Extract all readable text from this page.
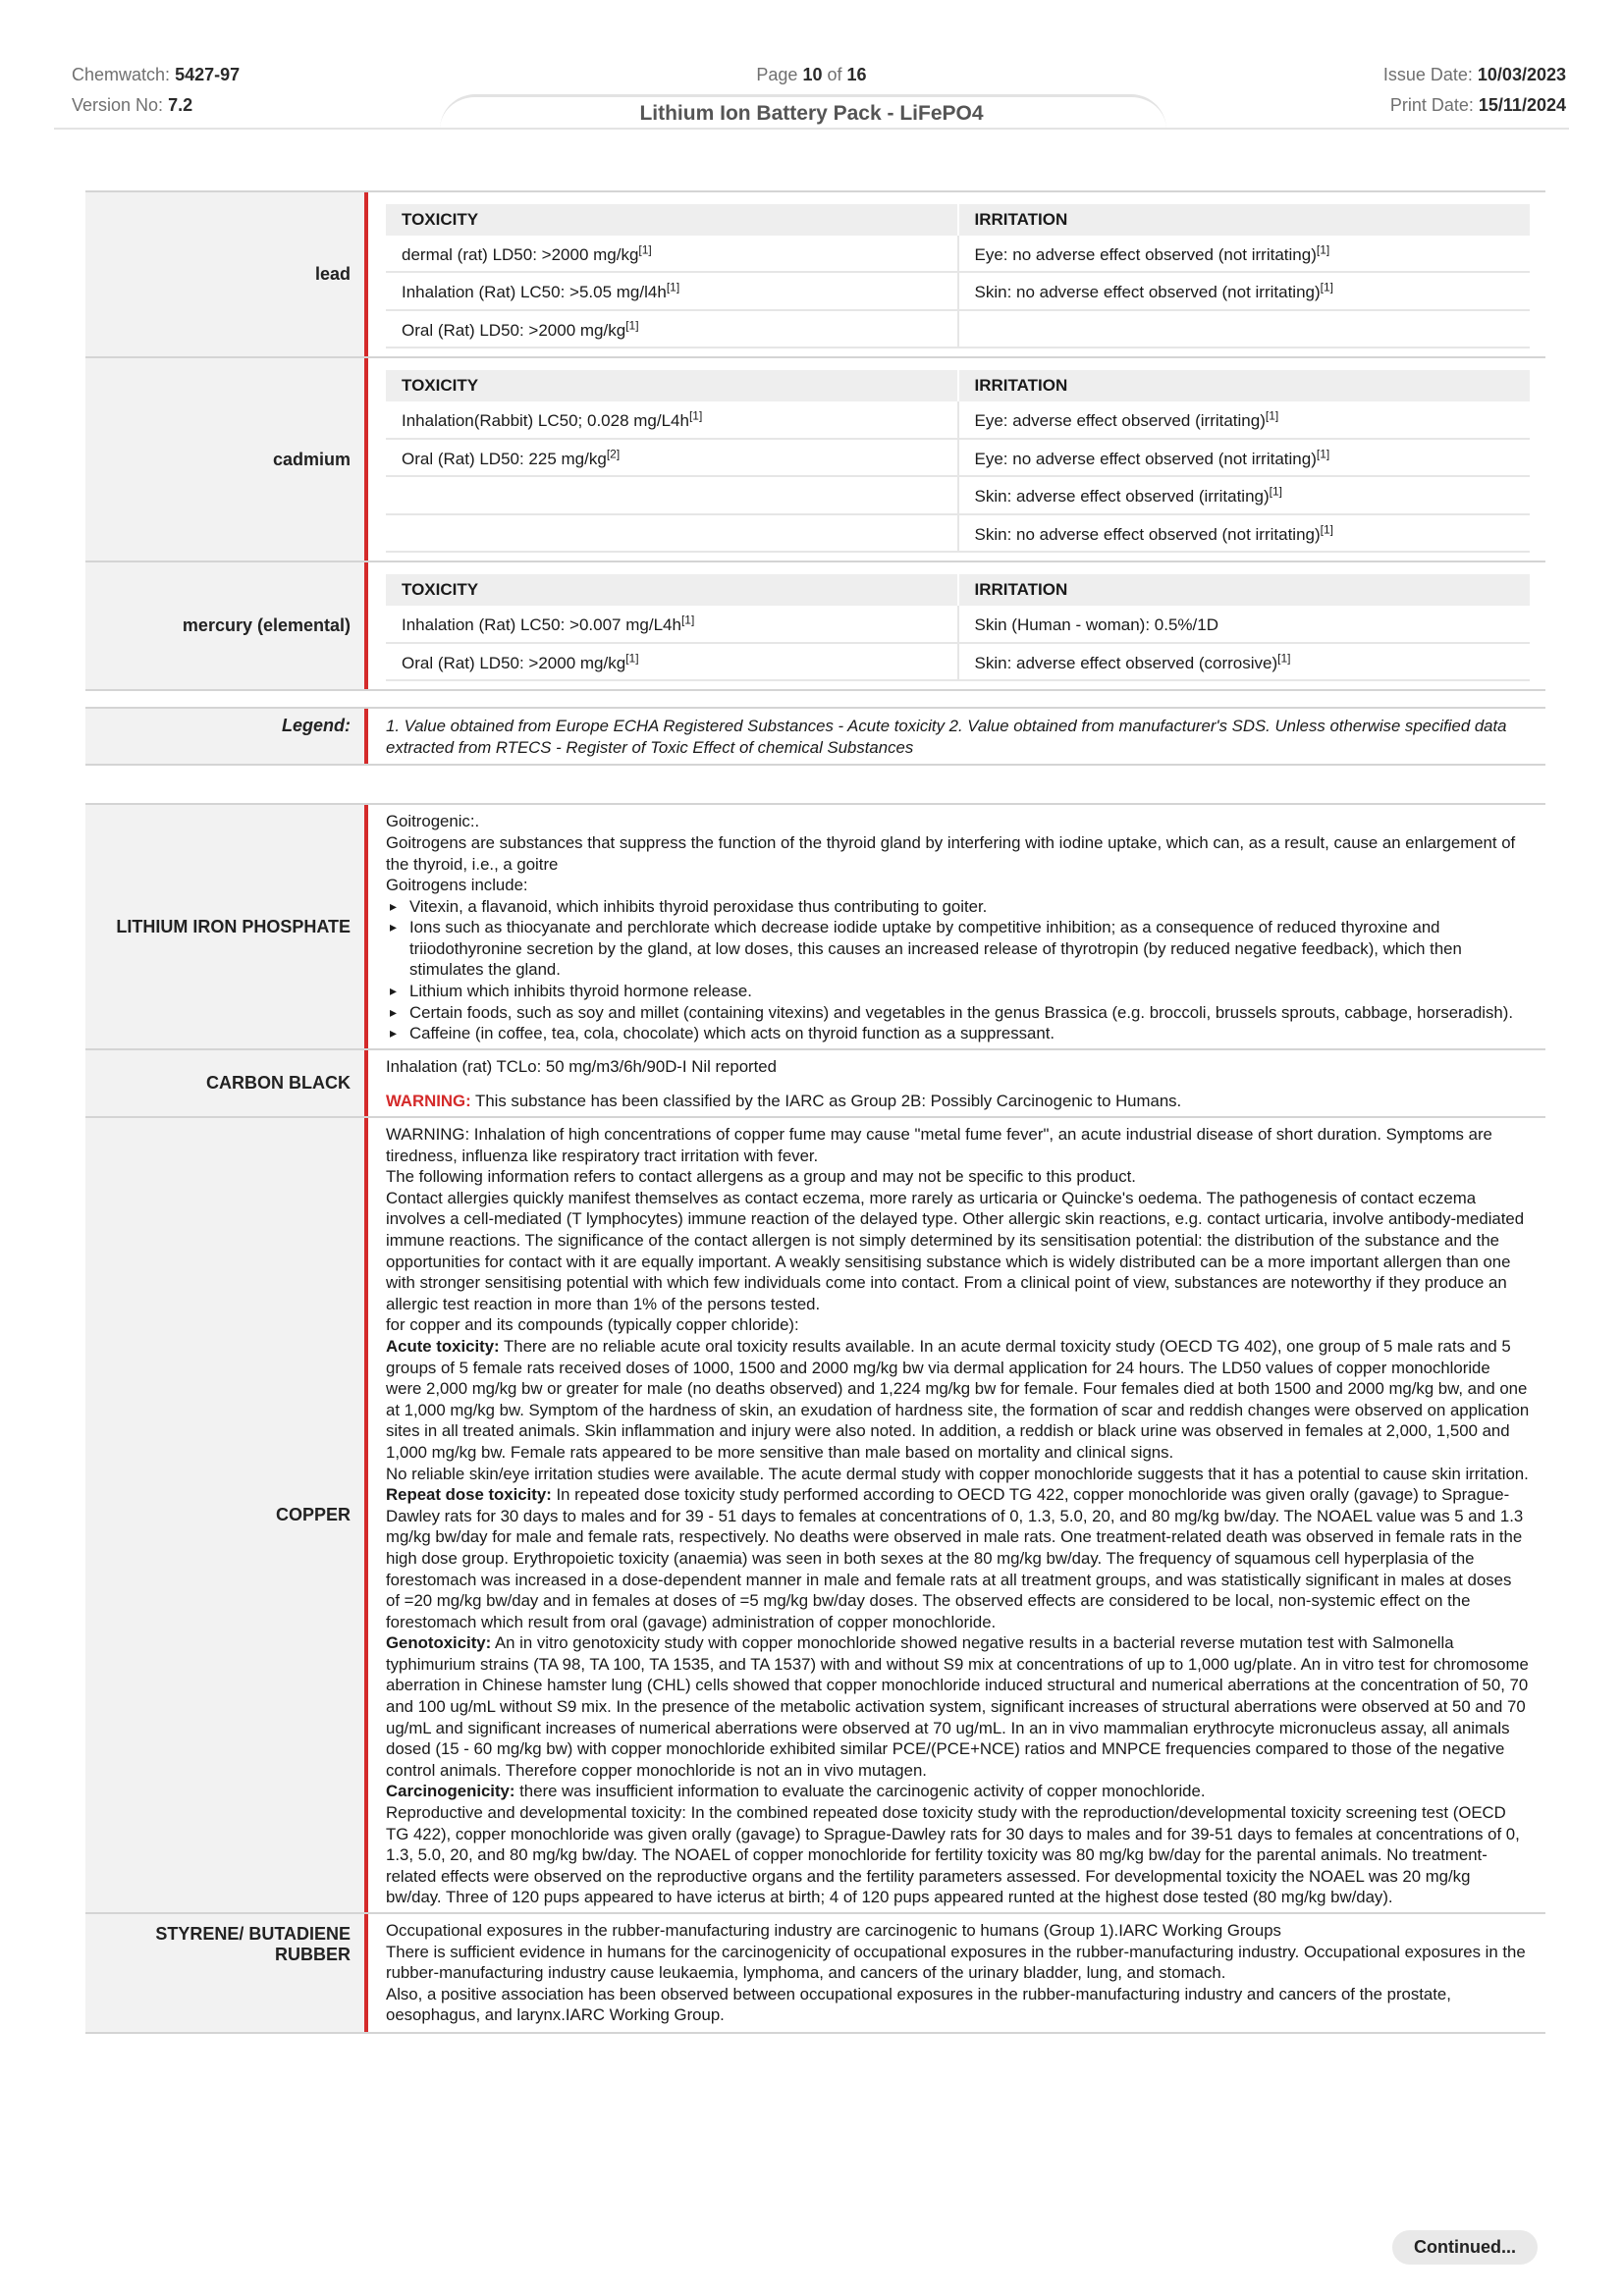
Chemwatch: 5427-97
Version No: 7.2
Page 10 of 16	Issue Date: 10/03/2023
Print Date: 15/11/2024
Lithium Ion Battery Pack - LiFePO4
lead
TOXICITY	IRRITATION
dermal (rat) LD50: >2000 mg/kg[1]	Eye: no adverse effect observed (not irritating)[1]
Inhalation (Rat) LC50: >5.05 mg/l4h[1]	Skin: no adverse effect observed (not irritating)[1]
Oral (Rat) LD50: >2000 mg/kg[1]	
cadmium
TOXICITY	IRRITATION
Inhalation(Rabbit) LC50; 0.028 mg/L4h[1]	Eye: adverse effect observed (irritating)[1]
Oral (Rat) LD50: 225 mg/kg[2]	Eye: no adverse effect observed (not irritating)[1]
	Skin: adverse effect observed (irritating)[1]
	Skin: no adverse effect observed (not irritating)[1]
mercury (elemental)
TOXICITY	IRRITATION
Inhalation (Rat) LC50: >0.007 mg/L4h[1]	Skin (Human - woman): 0.5%/1D
Oral (Rat) LD50: >2000 mg/kg[1]	Skin: adverse effect observed (corrosive)[1]
Legend:	1. Value obtained from Europe ECHA Registered Substances - Acute toxicity 2. Value obtained from manufacturer's SDS. Unless otherwise specified data extracted from RTECS - Register of Toxic Effect of chemical Substances
LITHIUM IRON PHOSPHATE

Goitrogenic:.

Goitrogens are substances that suppress the function of the thyroid gland by interfering with iodine uptake, which can, as a result, cause an enlargement of the thyroid, i.e., a goitre

Goitrogens include:

▸ Vitexin, a flavanoid, which inhibits thyroid peroxidase thus contributing to goiter.
▸ Ions such as thiocyanate and perchlorate which decrease iodide uptake by competitive inhibition; as a consequence of reduced thyroxine and triiodothyronine secretion by the gland, at low doses, this causes an increased release of thyrotropin (by reduced negative feedback), which then stimulates the gland.
▸ Lithium which inhibits thyroid hormone release.
▸ Certain foods, such as soy and millet (containing vitexins) and vegetables in the genus Brassica (e.g. broccoli, brussels sprouts, cabbage, horseradish).
▸ Caffeine (in coffee, tea, cola, chocolate) which acts on thyroid function as a suppressant.
CARBON BLACK

Inhalation (rat) TCLo: 50 mg/m3/6h/90D-I Nil reported

WARNING: This substance has been classified by the IARC as Group 2B: Possibly Carcinogenic to Humans.

COPPER

WARNING: Inhalation of high concentrations of copper fume may cause "metal fume fever", an acute industrial disease of short duration. Symptoms are tiredness, influenza like respiratory tract irritation with fever.

The following information refers to contact allergens as a group and may not be specific to this product.

Contact allergies quickly manifest themselves as contact eczema, more rarely as urticaria or Quincke's oedema. The pathogenesis of contact eczema involves a cell-mediated (T lymphocytes) immune reaction of the delayed type. Other allergic skin reactions, e.g. contact urticaria, involve antibody-mediated immune reactions. The significance of the contact allergen is not simply determined by its sensitisation potential: the distribution of the substance and the opportunities for contact with it are equally important. A weakly sensitising substance which is widely distributed can be a more important allergen than one with stronger sensitising potential with which few individuals come into contact. From a clinical point of view, substances are noteworthy if they produce an allergic test reaction in more than 1% of the persons tested.

for copper and its compounds (typically copper chloride):

Acute toxicity: There are no reliable acute oral toxicity results available. In an acute dermal toxicity study (OECD TG 402), one group of 5 male rats and 5 groups of 5 female rats received doses of 1000, 1500 and 2000 mg/kg bw via dermal application for 24 hours. The LD50 values of copper monochloride were 2,000 mg/kg bw or greater for male (no deaths observed) and 1,224 mg/kg bw for female. Four females died at both 1500 and 2000 mg/kg bw, and one at 1,000 mg/kg bw. Symptom of the hardness of skin, an exudation of hardness site, the formation of scar and reddish changes were observed on application sites in all treated animals. Skin inflammation and injury were also noted. In addition, a reddish or black urine was observed in females at 2,000, 1,500 and 1,000 mg/kg bw. Female rats appeared to be more sensitive than male based on mortality and clinical signs.

No reliable skin/eye irritation studies were available. The acute dermal study with copper monochloride suggests that it has a potential to cause skin irritation.

Repeat dose toxicity: In repeated dose toxicity study performed according to OECD TG 422, copper monochloride was given orally (gavage) to Sprague-Dawley rats for 30 days to males and for 39 - 51 days to females at concentrations of 0, 1.3, 5.0, 20, and 80 mg/kg bw/day. The NOAEL value was 5 and 1.3 mg/kg bw/day for male and female rats, respectively. No deaths were observed in male rats. One treatment-related death was observed in female rats in the high dose group. Erythropoietic toxicity (anaemia) was seen in both sexes at the 80 mg/kg bw/day. The frequency of squamous cell hyperplasia of the forestomach was increased in a dose-dependent manner in male and female rats at all treatment groups, and was statistically significant in males at doses of =20 mg/kg bw/day and in females at doses of =5 mg/kg bw/day doses. The observed effects are considered to be local, non-systemic effect on the forestomach which result from oral (gavage) administration of copper monochloride.

Genotoxicity: An in vitro genotoxicity study with copper monochloride showed negative results in a bacterial reverse mutation test with Salmonella typhimurium strains (TA 98, TA 100, TA 1535, and TA 1537) with and without S9 mix at concentrations of up to 1,000 ug/plate. An in vitro test for chromosome aberration in Chinese hamster lung (CHL) cells showed that copper monochloride induced structural and numerical aberrations at the concentration of 50, 70 and 100 ug/mL without S9 mix. In the presence of the metabolic activation system, significant increases of structural aberrations were observed at 50 and 70 ug/mL and significant increases of numerical aberrations were observed at 70 ug/mL. In an in vivo mammalian erythrocyte micronucleus assay, all animals dosed (15 - 60 mg/kg bw) with copper monochloride exhibited similar PCE/(PCE+NCE) ratios and MNPCE frequencies compared to those of the negative control animals. Therefore copper monochloride is not an in vivo mutagen.

Carcinogenicity: there was insufficient information to evaluate the carcinogenic activity of copper monochloride.

Reproductive and developmental toxicity: In the combined repeated dose toxicity study with the reproduction/developmental toxicity screening test (OECD TG 422), copper monochloride was given orally (gavage) to Sprague-Dawley rats for 30 days to males and for 39-51 days to females at concentrations of 0, 1.3, 5.0, 20, and 80 mg/kg bw/day. The NOAEL of copper monochloride for fertility toxicity was 80 mg/kg bw/day for the parental animals. No treatment-related effects were observed on the reproductive organs and the fertility parameters assessed. For developmental toxicity the NOAEL was 20 mg/kg bw/day. Three of 120 pups appeared to have icterus at birth; 4 of 120 pups appeared runted at the highest dose tested (80 mg/kg bw/day).

STYRENE/ BUTADIENE RUBBER

Occupational exposures in the rubber-manufacturing industry are carcinogenic to humans (Group 1).IARC Working Groups

There is sufficient evidence in humans for the carcinogenicity of occupational exposures in the rubber-manufacturing industry. Occupational exposures in the rubber-manufacturing industry cause leukaemia, lymphoma, and cancers of the urinary bladder, lung, and stomach.

Also, a positive association has been observed between occupational exposures in the rubber-manufacturing industry and cancers of the prostate, oesophagus, and larynx.IARC Working Group.

Continued...
